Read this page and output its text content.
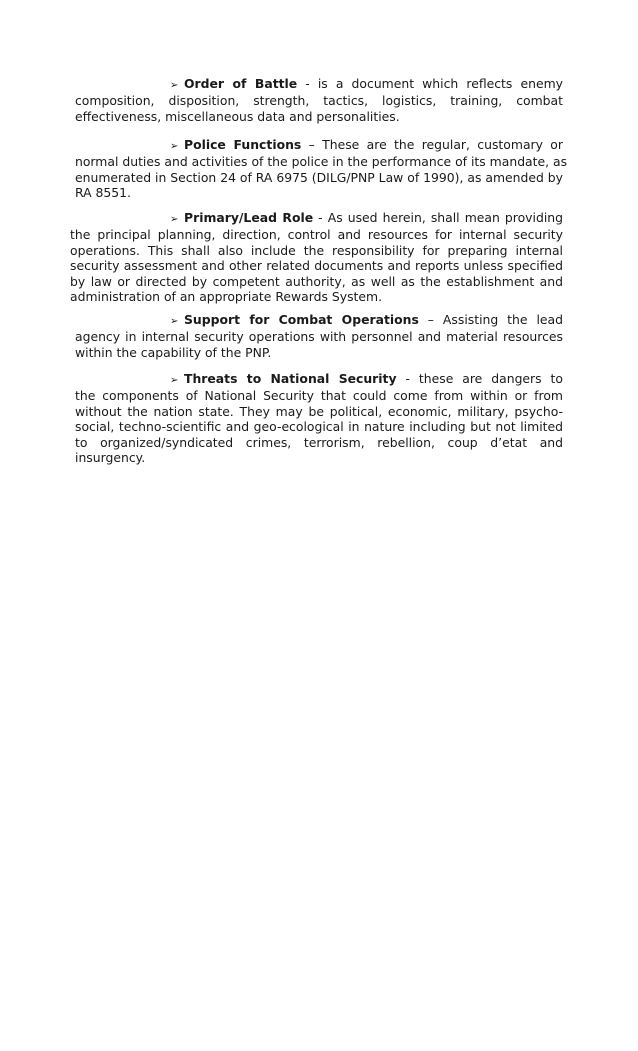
➢ Order of Battle - is a document which reflects enemy
composition, disposition, strength, tactics, logistics, training, combat
effectiveness, miscellaneous data and personalities.
➢ Police Functions – These are the regular, customary or
normal duties and activities of the police in the performance of its mandate, as
enumerated in Section 24 of RA 6975 (DILG/PNP Law of 1990), as amended by
RA 8551.
➢ Primary/Lead Role - As used herein, shall mean providing
the principal planning, direction, control and resources for internal security
operations. This shall also include the responsibility for preparing internal
security assessment and other related documents and reports unless specified
by law or directed by competent authority, as well as the establishment and
administration of an appropriate Rewards System.
➢ Support for Combat Operations – Assisting the lead
agency in internal security operations with personnel and material resources
within the capability of the PNP.
➢ Threats to National Security - these are dangers to
the components of National Security that could come from within or from
without the nation state. They may be political, economic, military, psycho-
social, techno-scientific and geo-ecological in nature including but not limited
to organized/syndicated crimes, terrorism, rebellion, coup d’etat and
insurgency.
